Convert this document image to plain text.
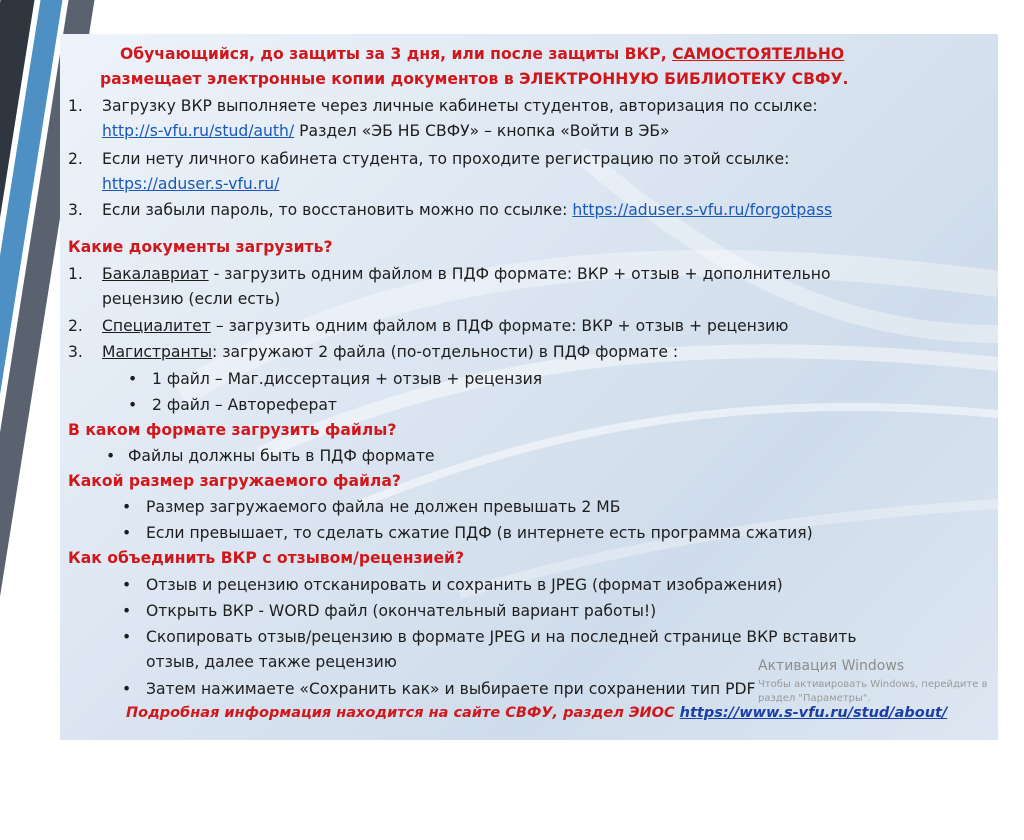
Обучающийся, до защиты за 3 дня, или после защиты ВКР, САМОСТОЯТЕЛЬНО
размещает электронные копии документов в ЭЛЕКТРОННУЮ БИБЛИОТЕКУ СВФУ.
1. Загрузку ВКР выполняете через личные кабинеты студентов, авторизация по ссылке:
http://s-vfu.ru/stud/auth/ Раздел «ЭБ НБ СВФУ» – кнопка «Войти в ЭБ»
2. Если нету личного кабинета студента, то проходите регистрацию по этой ссылке:
https://aduser.s-vfu.ru/
3. Если забыли пароль, то восстановить можно по ссылке: https://aduser.s-vfu.ru/forgotpass
Какие документы загрузить?
1. Бакалавриат - загрузить одним файлом в ПДФ формате: ВКР + отзыв + дополнительно
рецензию (если есть)
2. Специалитет – загрузить одним файлом в ПДФ формате: ВКР + отзыв + рецензию
3. Магистранты: загружают 2 файла (по-отдельности) в ПДФ формате :
• 1 файл – Маг.диссертация + отзыв + рецензия
• 2 файл – Автореферат
В каком формате загрузить файлы?
• Файлы должны быть в ПДФ формате
Какой размер загружаемого файла?
• Размер загружаемого файла не должен превышать 2 МБ
• Если превышает, то сделать сжатие ПДФ (в интернете есть программа сжатия)
Как объединить ВКР с отзывом/рецензией?
• Отзыв и рецензию отсканировать и сохранить в JPEG (формат изображения)
• Открыть ВКР - WORD файл (окончательный вариант работы!)
• Скопировать отзыв/рецензию в формате JPEG и на последней странице ВКР вставить
отзыв, далее также рецензию
• Затем нажимаете «Сохранить как» и выбираете при сохранении тип PDF
Подробная информация находится на сайте СВФУ, раздел ЭИОС https://www.s-vfu.ru/stud/about/
Активация Windows
Чтобы активировать Windows, перейдите в
раздел "Параметры".
